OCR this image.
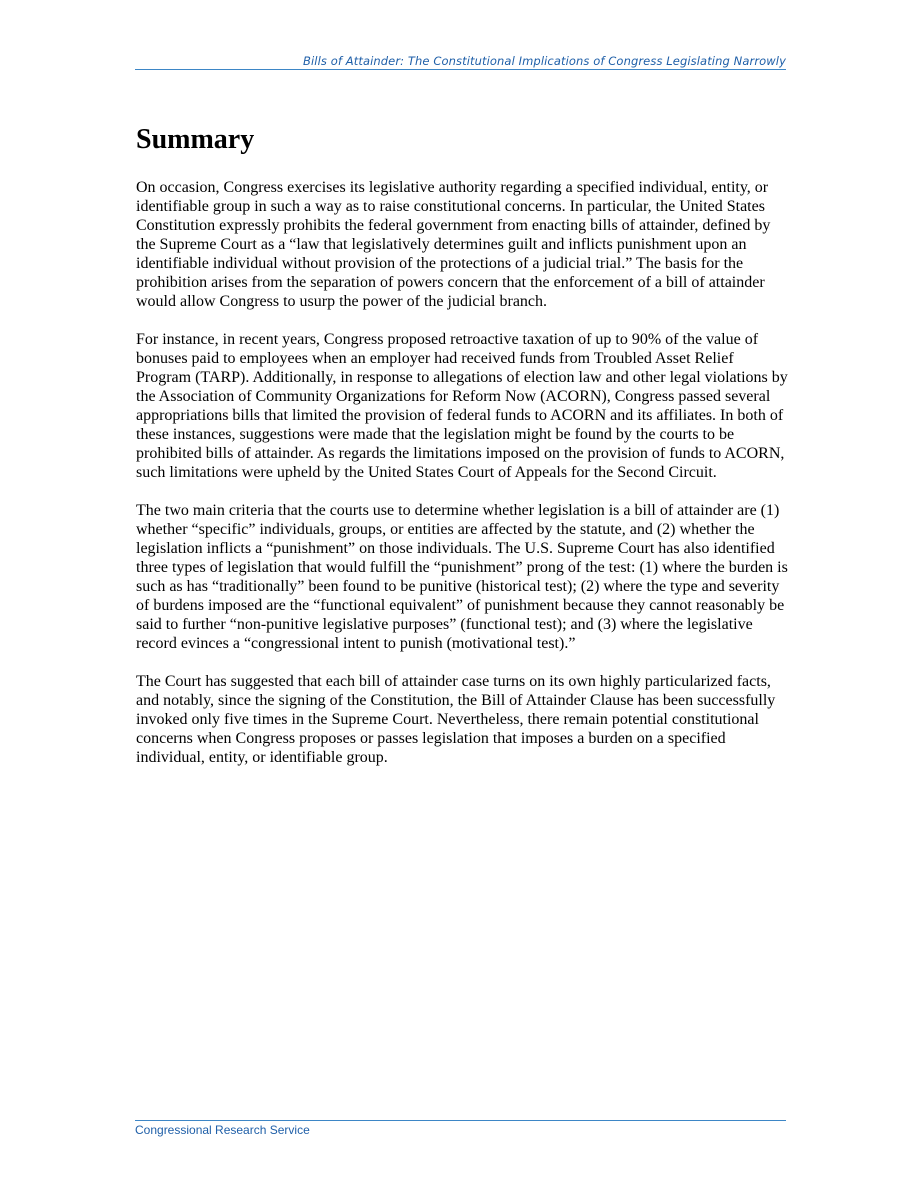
Bills of Attainder: The Constitutional Implications of Congress Legislating Narrowly
Summary

On occasion, Congress exercises its legislative authority regarding a specified individual, entity, or identifiable group in such a way as to raise constitutional concerns. In particular, the United States Constitution expressly prohibits the federal government from enacting bills of attainder, defined by the Supreme Court as a “law that legislatively determines guilt and inflicts punishment upon an identifiable individual without provision of the protections of a judicial trial.” The basis for the prohibition arises from the separation of powers concern that the enforcement of a bill of attainder would allow Congress to usurp the power of the judicial branch.

For instance, in recent years, Congress proposed retroactive taxation of up to 90% of the value of bonuses paid to employees when an employer had received funds from Troubled Asset Relief Program (TARP). Additionally, in response to allegations of election law and other legal violations by the Association of Community Organizations for Reform Now (ACORN), Congress passed several appropriations bills that limited the provision of federal funds to ACORN and its affiliates. In both of these instances, suggestions were made that the legislation might be found by the courts to be prohibited bills of attainder. As regards the limitations imposed on the provision of funds to ACORN, such limitations were upheld by the United States Court of Appeals for the Second Circuit.

The two main criteria that the courts use to determine whether legislation is a bill of attainder are (1) whether “specific” individuals, groups, or entities are affected by the statute, and (2) whether the legislation inflicts a “punishment” on those individuals. The U.S. Supreme Court has also identified three types of legislation that would fulfill the “punishment” prong of the test: (1) where the burden is such as has “traditionally” been found to be punitive (historical test); (2) where the type and severity of burdens imposed are the “functional equivalent” of punishment because they cannot reasonably be said to further “non-punitive legislative purposes” (functional test); and (3) where the legislative record evinces a “congressional intent to punish (motivational test).”

The Court has suggested that each bill of attainder case turns on its own highly particularized facts, and notably, since the signing of the Constitution, the Bill of Attainder Clause has been successfully invoked only five times in the Supreme Court. Nevertheless, there remain potential constitutional concerns when Congress proposes or passes legislation that imposes a burden on a specified individual, entity, or identifiable group.

Congressional Research Service
